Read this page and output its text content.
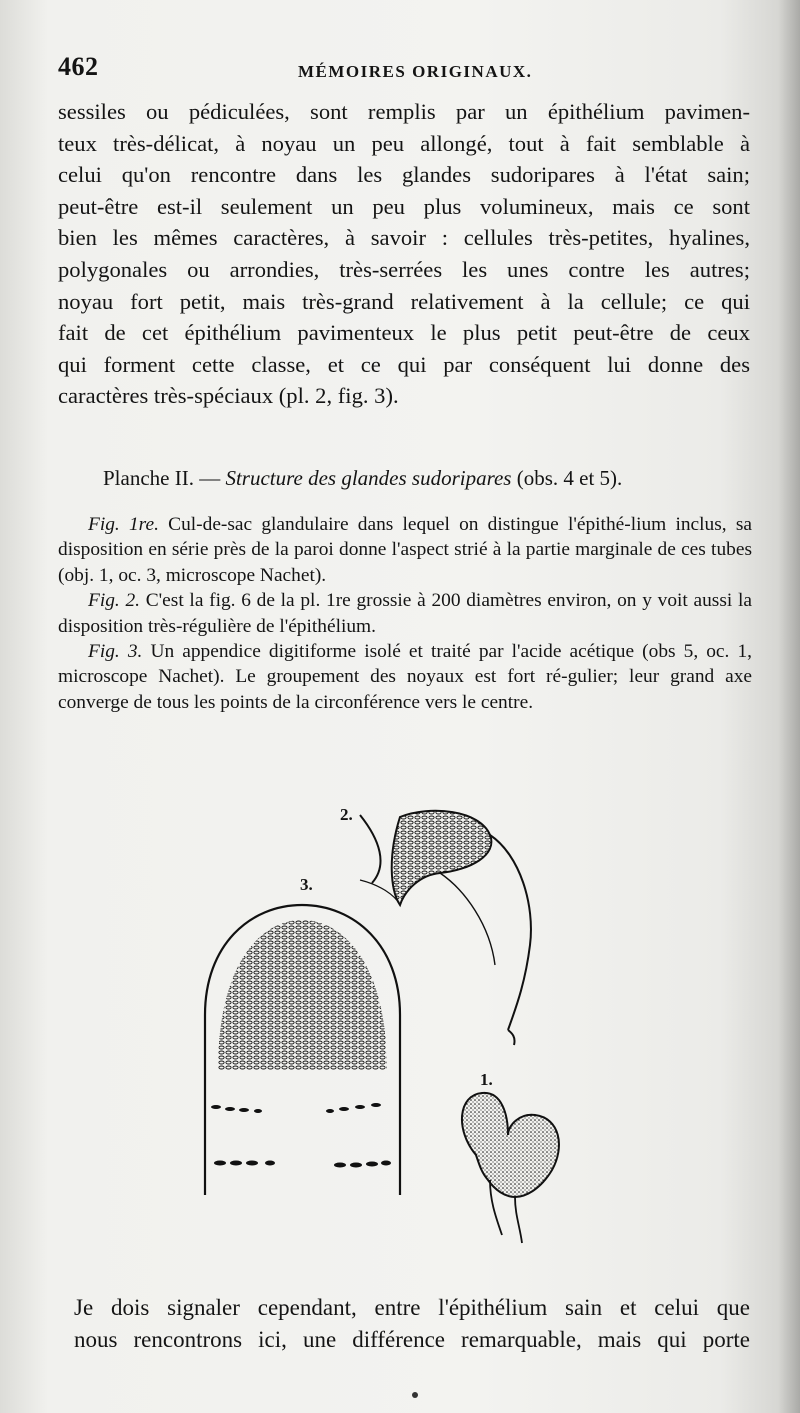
462	MÉMOIRES ORIGINAUX.
sessiles ou pédiculées, sont remplis par un épithélium pavimen-
teux très-délicat, à noyau un peu allongé, tout à fait semblable à
celui qu'on rencontre dans les glandes sudoripares à l'état sain;
peut-être est-il seulement un peu plus volumineux, mais ce sont
bien les mêmes caractères, à savoir : cellules très-petites, hyalines,
polygonales ou arrondies, très-serrées les unes contre les autres;
noyau fort petit, mais très-grand relativement à la cellule; ce qui
fait de cet épithélium pavimenteux le plus petit peut-être de ceux
qui forment cette classe, et ce qui par conséquent lui donne des
caractères très-spéciaux (pl. 2, fig. 3).
Planche II. — Structure des glandes sudoripares (obs. 4 et 5).

Fig. 1re. Cul-de-sac glandulaire dans lequel on distingue l'épithé-lium inclus, sa disposition en série près de la paroi donne l'aspect strié à la partie marginale de ces tubes (obj. 1, oc. 3, microscope Nachet).

Fig. 2. C'est la fig. 6 de la pl. 1re grossie à 200 diamètres environ, on y voit aussi la disposition très-régulière de l'épithélium.

Fig. 3. Un appendice digitiforme isolé et traité par l'acide acétique (obs 5, oc. 1, microscope Nachet). Le groupement des noyaux est fort ré-gulier; leur grand axe converge de tous les points de la circonférence vers le centre.

2.
3.
1.
Je dois signaler cependant, entre l'épithélium sain et celui que
nous rencontrons ici, une différence remarquable, mais qui porte
